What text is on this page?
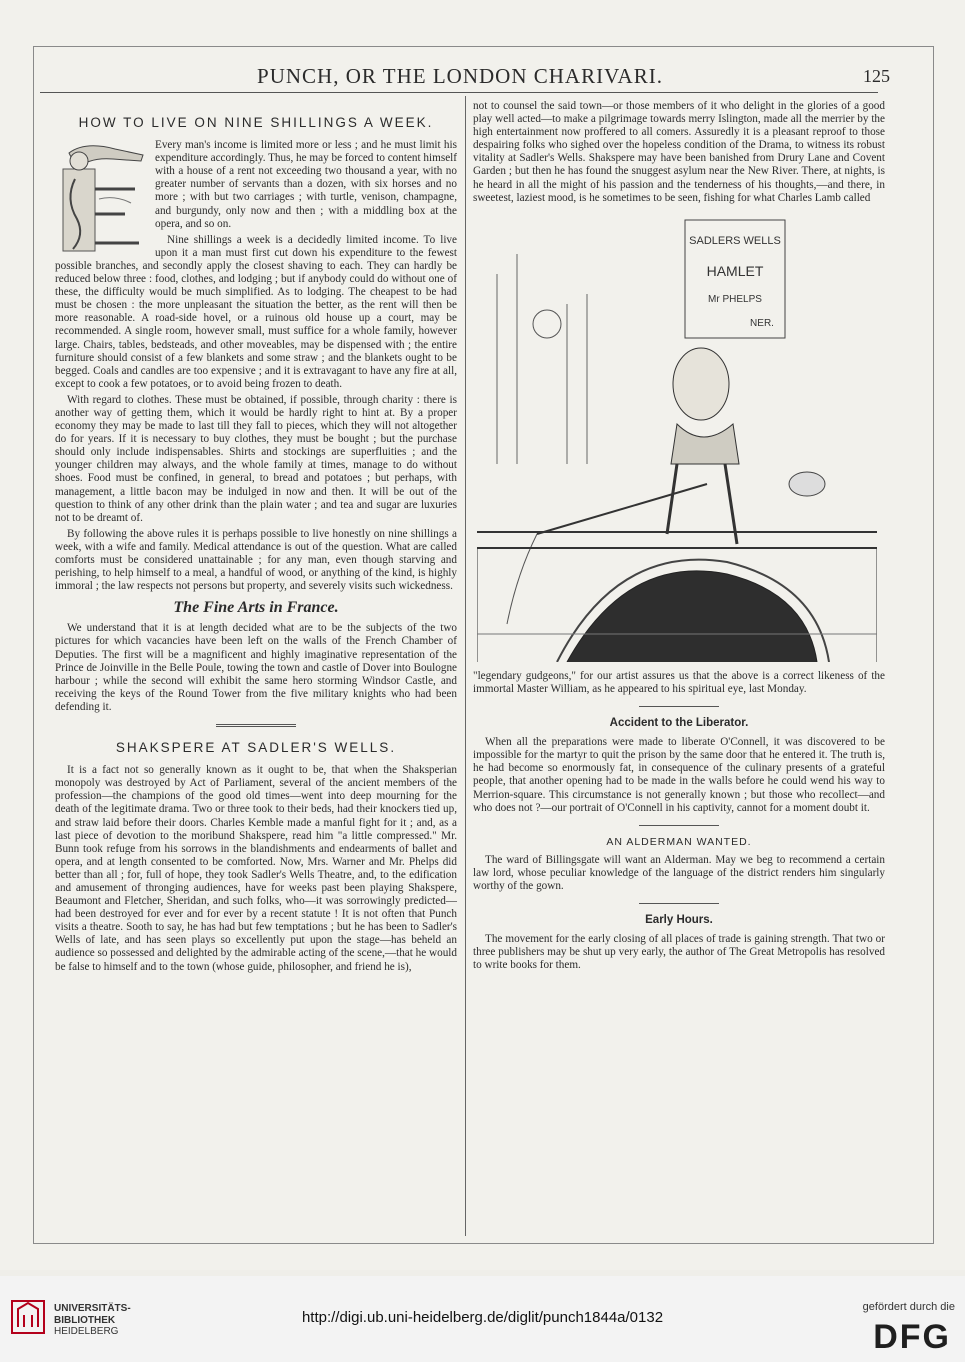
PUNCH, OR THE LONDON CHARIVARI.	125
HOW TO LIVE ON NINE SHILLINGS A WEEK.

Every man's income is limited more or less ; and he must limit his expenditure accordingly. Thus, he may be forced to content himself with a house of a rent not exceeding two thousand a year, with no greater number of servants than a dozen, with six horses and no more ; with but two carriages ; with turtle, venison, champagne, and burgundy, only now and then ; with a middling box at the opera, and so on.

Nine shillings a week is a decidedly limited income. To live upon it a man must first cut down his expenditure to the fewest possible branches, and secondly apply the closest shaving to each. They can hardly be reduced below three : food, clothes, and lodging ; but if anybody could do without one of these, the difficulty would be much simplified. As to lodging. The cheapest to be had must be chosen : the more unpleasant the situation the better, as the rent will then be more reasonable. A road-side hovel, or a ruinous old house up a court, may be recommended. A single room, however small, must suffice for a whole family, however large. Chairs, tables, bedsteads, and other moveables, may be dispensed with ; the entire furniture should consist of a few blankets and some straw ; and the blankets ought to be begged. Coals and candles are too expensive ; and it is extravagant to have any fire at all, except to cook a few potatoes, or to avoid being frozen to death.

With regard to clothes. These must be obtained, if possible, through charity : there is another way of getting them, which it would be hardly right to hint at. By a proper economy they may be made to last till they fall to pieces, which they will not altogether do for years. If it is necessary to buy clothes, they must be bought ; but the purchase should only include indispensables. Shirts and stockings are superfluities ; and the younger children may always, and the whole family at times, manage to do without shoes. Food must be confined, in general, to bread and potatoes ; but perhaps, with management, a little bacon may be indulged in now and then. It will be out of the question to think of any other drink than the plain water ; and tea and sugar are luxuries not to be dreamt of.

By following the above rules it is perhaps possible to live honestly on nine shillings a week, with a wife and family. Medical attendance is out of the question. What are called comforts must be considered unattainable ; for any man, even though starving and perishing, to help himself to a meal, a handful of wood, or anything of the kind, is highly immoral ; the law respects not persons but property, and severely visits such wickedness.

The Fine Arts in France.

We understand that it is at length decided what are to be the subjects of the two pictures for which vacancies have been left on the walls of the French Chamber of Deputies. The first will be a magnificent and highly imaginative representation of the Prince de Joinville in the Belle Poule, towing the town and castle of Dover into Boulogne harbour ; while the second will exhibit the same hero storming Windsor Castle, and receiving the keys of the Round Tower from the five military knights who had been defending it.

SHAKSPERE AT SADLER'S WELLS.

It is a fact not so generally known as it ought to be, that when the Shaksperian monopoly was destroyed by Act of Parliament, several of the ancient members of the profession—the champions of the good old times—went into deep mourning for the death of the legitimate drama. Two or three took to their beds, had their knockers tied up, and straw laid before their doors. Charles Kemble made a manful fight for it ; and, as a last piece of devotion to the moribund Shakspere, read him "a little compressed." Mr. Bunn took refuge from his sorrows in the blandishments and endearments of ballet and opera, and at length consented to be comforted. Now, Mrs. Warner and Mr. Phelps did better than all ; for, full of hope, they took Sadler's Wells Theatre, and, to the edification and amusement of thronging audiences, have for weeks past been playing Shakspere, Beaumont and Fletcher, Sheridan, and such folks, who—it was sorrowingly predicted—had been destroyed for ever and for ever by a recent statute ! It is not often that Punch visits a theatre. Sooth to say, he has had but few temptations ; but he has been to Sadler's Wells of late, and has seen plays so excellently put upon the stage—has beheld an audience so possessed and delighted by the admirable acting of the scene,—that he would be false to himself and to the town (whose guide, philosopher, and friend he is),

not to counsel the said town—or those members of it who delight in the glories of a good play well acted—to make a pilgrimage towards merry Islington, made all the merrier by the high entertainment now proffered to all comers. Assuredly it is a pleasant reproof to those despairing folks who sighed over the hopeless condition of the Drama, to witness its robust vitality at Sadler's Wells. Shakspere may have been banished from Drury Lane and Covent Garden ; but then he has found the snuggest asylum near the New River. There, at nights, is he heard in all the might of his passion and the tenderness of his thoughts,—and there, in sweetest, laziest mood, is he sometimes to be seen, fishing for what Charles Lamb called

SADLERS WELLS
HAMLET
Mr PHELPS
NER.

"legendary gudgeons," for our artist assures us that the above is a correct likeness of the immortal Master William, as he appeared to his spiritual eye, last Monday.

Accident to the Liberator.

When all the preparations were made to liberate O'Connell, it was discovered to be impossible for the martyr to quit the prison by the same door that he entered it. The truth is, he had become so enormously fat, in consequence of the culinary presents of a grateful people, that another opening had to be made in the walls before he could wend his way to Merrion-square. This circumstance is not generally known ; but those who recollect—and who does not ?—our portrait of O'Connell in his captivity, cannot for a moment doubt it.

AN ALDERMAN WANTED.

The ward of Billingsgate will want an Alderman. May we beg to recommend a certain law lord, whose peculiar knowledge of the language of the district renders him singularly worthy of the gown.

Early Hours.

The movement for the early closing of all places of trade is gaining strength. That two or three publishers may be shut up very early, the author of The Great Metropolis has resolved to write books for them.

UNIVERSITÄTS-
BIBLIOTHEK
HEIDELBERG
http://digi.ub.uni-heidelberg.de/diglit/punch1844a/0132
gefördert durch die
DFG
